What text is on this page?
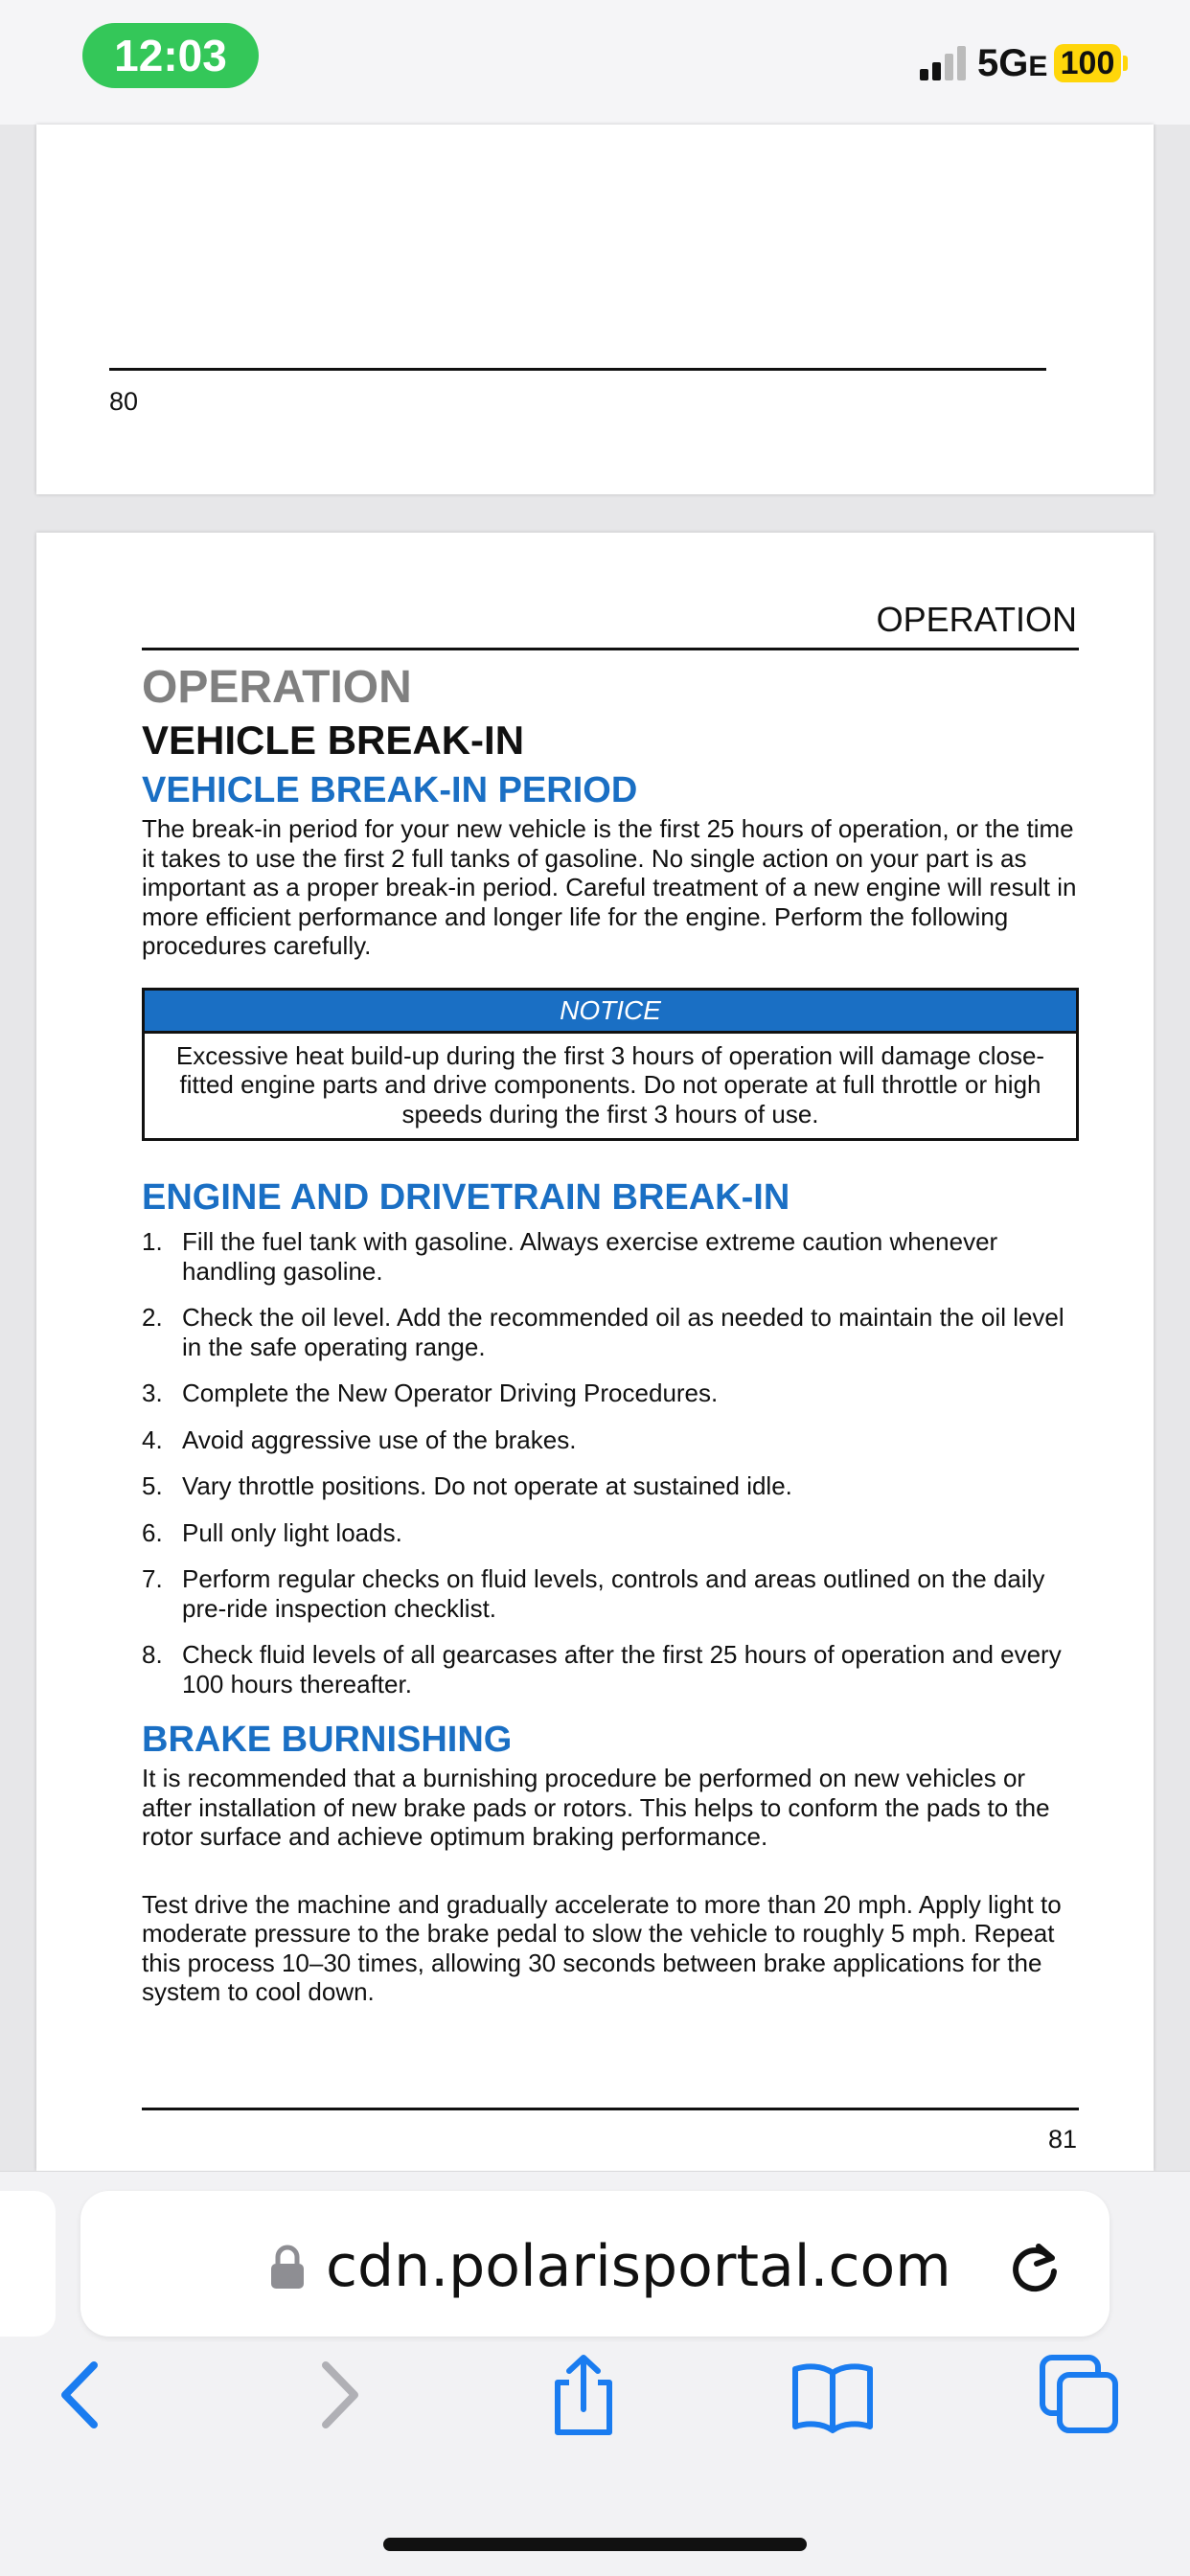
12:03	5GE 100
80
OPERATION
OPERATION
VEHICLE BREAK-IN
VEHICLE BREAK-IN PERIOD

The break-in period for your new vehicle is the first 25 hours of operation, or the time it takes to use the first 2 full tanks of gasoline. No single action on your part is as important as a proper break-in period. Careful treatment of a new engine will result in more efficient performance and longer life for the engine. Perform the following procedures carefully.

NOTICE
Excessive heat build-up during the first 3 hours of operation will damage close-fitted engine parts and drive components. Do not operate at full throttle or high speeds during the first 3 hours of use.
ENGINE AND DRIVETRAIN BREAK-IN
1. Fill the fuel tank with gasoline. Always exercise extreme caution whenever handling gasoline.
2. Check the oil level. Add the recommended oil as needed to maintain the oil level in the safe operating range.
3. Complete the New Operator Driving Procedures.
4. Avoid aggressive use of the brakes.
5. Vary throttle positions. Do not operate at sustained idle.
6. Pull only light loads.
7. Perform regular checks on fluid levels, controls and areas outlined on the daily pre-ride inspection checklist.
8. Check fluid levels of all gearcases after the first 25 hours of operation and every 100 hours thereafter.
BRAKE BURNISHING

It is recommended that a burnishing procedure be performed on new vehicles or after installation of new brake pads or rotors. This helps to conform the pads to the rotor surface and achieve optimum braking performance.

Test drive the machine and gradually accelerate to more than 20 mph. Apply light to moderate pressure to the brake pedal to slow the vehicle to roughly 5 mph. Repeat this process 10–30 times, allowing 30 seconds between brake applications for the system to cool down.

81
cdn.polarisportal.com
